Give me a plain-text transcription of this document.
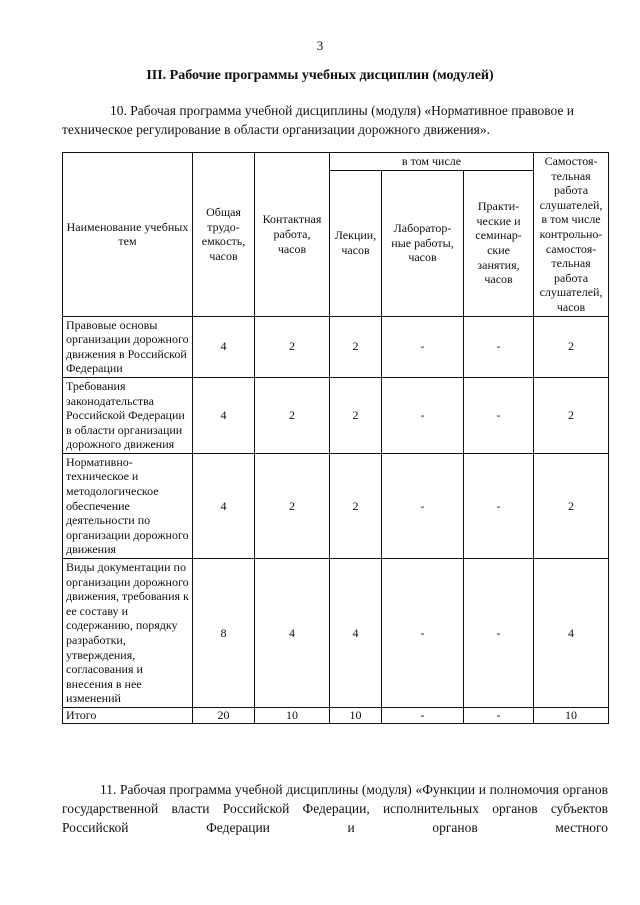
3
III. Рабочие программы учебных дисциплин (модулей)
10. Рабочая программа учебной дисциплины (модуля) «Нормативное правовое и техническое регулирование в области организации дорожного движения».
Наименование учебных тем	Общая трудо-емкость, часов	Контактная работа, часов	в том числе			Самостоя-тельная работа слушателей, в том числе контрольно-самостоя-тельная работа слушателей, часов
			Лекции, часов	Лаборатор-ные работы, часов	Практи-ческие и семинар-ские занятия, часов	
Правовые основы организации дорожного движения в Российской Федерации	4	2	2	-	-	2
Требования законодательства Российской Федерации в области организации дорожного движения	4	2	2	-	-	2
Нормативно-техническое и методологическое обеспечение деятельности по организации дорожного движения	4	2	2	-	-	2
Виды документации по организации дорожного движения, требования к ее составу и содержанию, порядку разработки, утверждения, согласования и внесения в нее изменений	8	4	4	-	-	4
Итого	20	10	10	-	-	10
11. Рабочая программа учебной дисциплины (модуля) «Функции и полномочия органов государственной власти Российской Федерации, исполнительных органов субъектов Российской Федерации и органов местного
